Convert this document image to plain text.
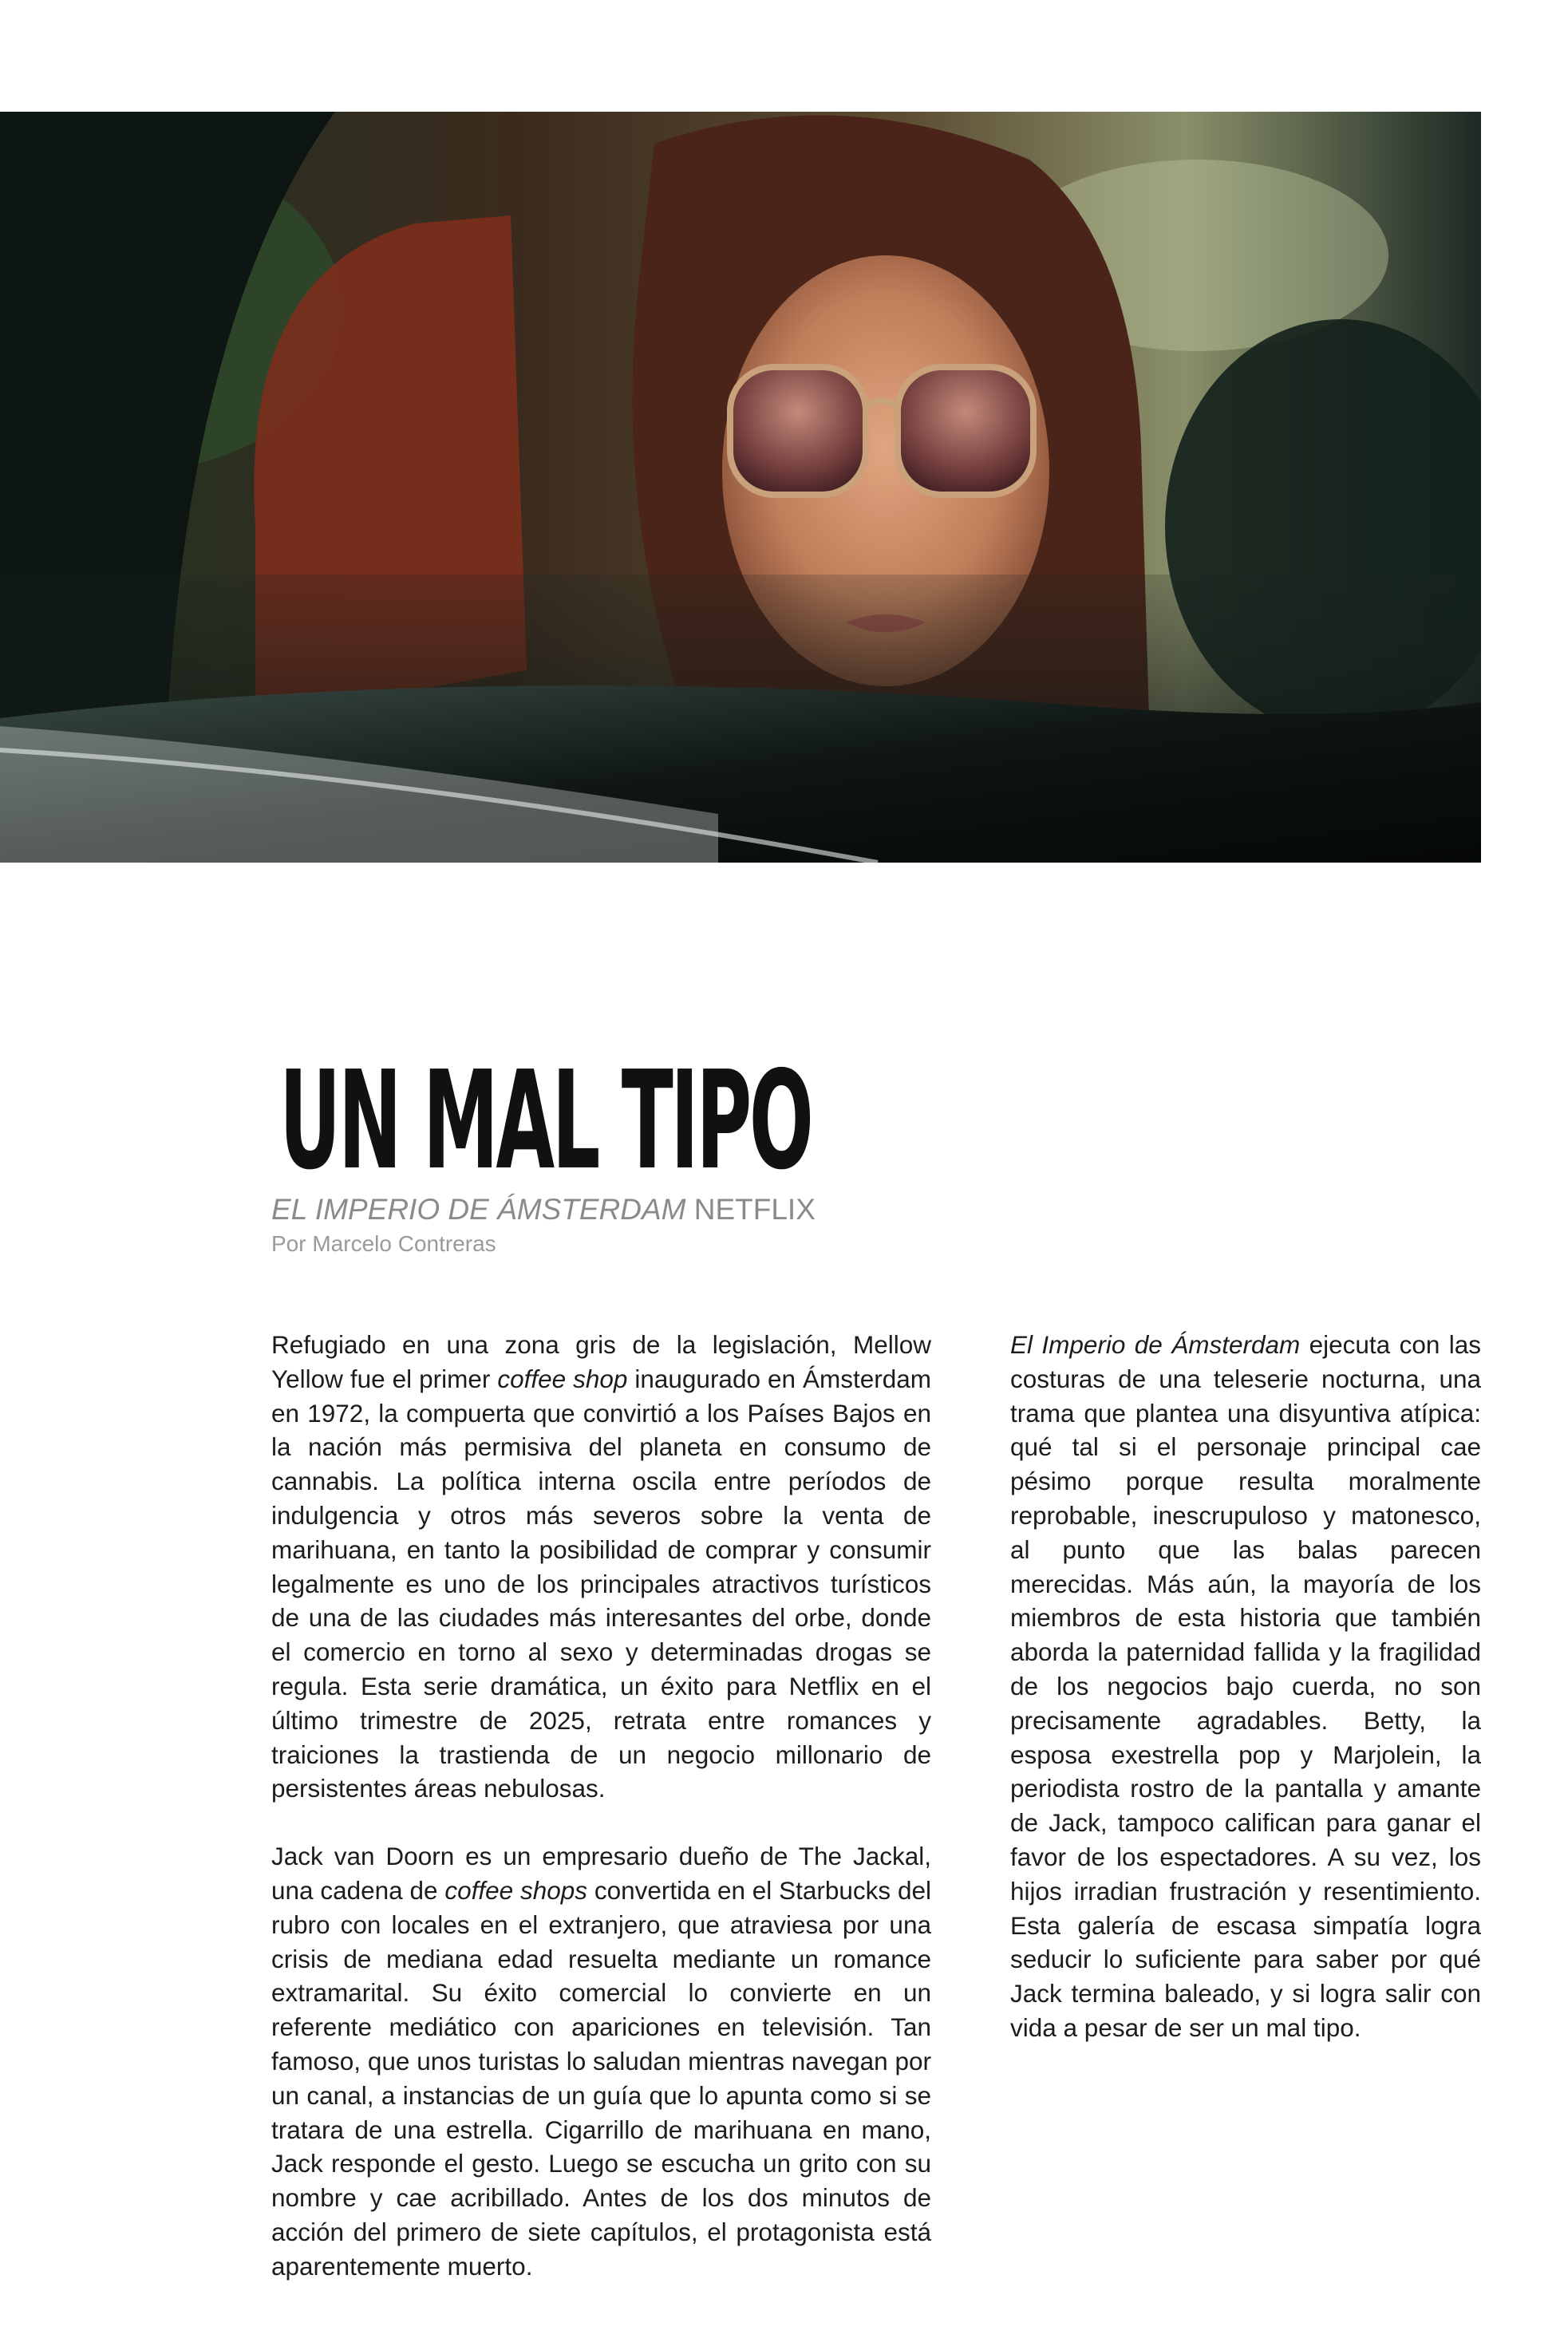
UN MAL TIPO
EL IMPERIO DE ÁMSTERDAM NETFLIX
Por Marcelo Contreras

Refugiado en una zona gris de la legislación, Mellow Yellow fue el primer coffee shop inaugurado en Ámsterdam en 1972, la compuerta que convirtió a los Países Bajos en la nación más permisiva del planeta en consumo de cannabis. La política interna oscila entre períodos de indulgencia y otros más severos sobre la venta de marihuana, en tanto la posibilidad de comprar y consumir legalmente es uno de los principales atractivos turísticos de una de las ciudades más interesantes del orbe, donde el comercio en torno al sexo y determinadas drogas se regula. Esta serie dramática, un éxito para Netflix en el último trimestre de 2025, retrata entre romances y traiciones la trastienda de un negocio millonario de persistentes áreas nebulosas.

Jack van Doorn es un empresario dueño de The Jackal, una cadena de coffee shops convertida en el Starbucks del rubro con locales en el extranjero, que atraviesa por una crisis de mediana edad resuelta mediante un romance extramarital. Su éxito comercial lo convierte en un referente mediático con apariciones en televisión. Tan famoso, que unos turistas lo saludan mientras navegan por un canal, a instancias de un guía que lo apunta como si se tratara de una estrella. Cigarrillo de marihuana en mano, Jack responde el gesto. Luego se escucha un grito con su nombre y cae acribillado. Antes de los dos minutos de acción del primero de siete capítulos, el protagonista está aparentemente muerto.

El Imperio de Ámsterdam ejecuta con las costuras de una teleserie nocturna, una trama que plantea una disyuntiva atípica: qué tal si el personaje principal cae pésimo porque resulta moralmente reprobable, inescrupuloso y matonesco, al punto que las balas parecen merecidas. Más aún, la mayoría de los miembros de esta historia que también aborda la paternidad fallida y la fragilidad de los negocios bajo cuerda, no son precisamente agradables. Betty, la esposa exestrella pop y Marjolein, la periodista rostro de la pantalla y amante de Jack, tampoco califican para ganar el favor de los espectadores. A su vez, los hijos irradian frustración y resentimiento. Esta galería de escasa simpatía logra seducir lo suficiente para saber por qué Jack termina baleado, y si logra salir con vida a pesar de ser un mal tipo.
